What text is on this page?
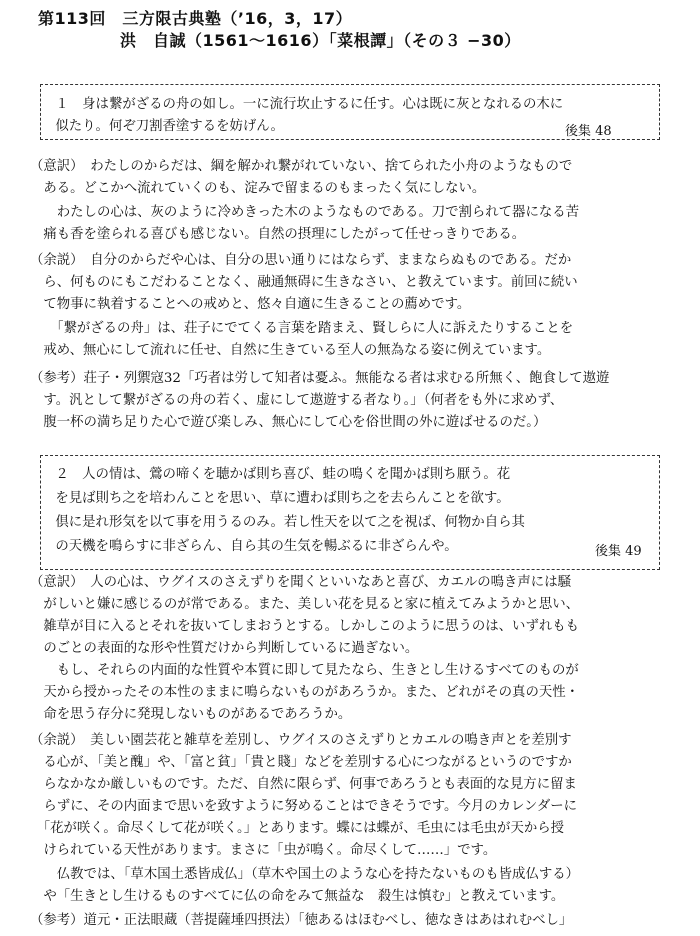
第113回　三方限古典塾（’16，3，17）
洪　自誠（1561〜1616）「菜根譚」（その３ −30）
　１　身は繋がざるの舟の如し。一に流行坎止するに任す。心は既に灰となれるの木に
　似たり。何ぞ刀割香塗するを妨げん。	後集 48
（意訳）　わたしのからだは、綱を解かれ繋がれていない、捨てられた小舟のようなもので
　ある。どこかへ流れていくのも、淀みで留まるのもまったく気にしない。
　　わたしの心は、灰のように冷めきった木のようなものである。刀で割られて器になる苦
　痛も香を塗られる喜びも感じない。自然の摂理にしたがって任せっきりである。
（余説）　自分のからだや心は、自分の思い通りにはならず、ままならぬものである。だか
　ら、何ものにもこだわることなく、融通無碍に生きなさい、と教えています。前回に続い
　て物事に執着することへの戒めと、悠々自適に生きることの薦めです。
　　「繋がざるの舟」は、荘子にでてくる言葉を踏まえ、賢しらに人に訴えたりすることを
　戒め、無心にして流れに任せ、自然に生きている至人の無為なる姿に例えています。
（参考）荘子・列禦寇32「巧者は労して知者は憂ふ。無能なる者は求むる所無く、飽食して遨遊
　す。汎として繋がざるの舟の若く、虚にして遨遊する者なり。」（何者をも外に求めず、
　腹一杯の満ち足りた心で遊び楽しみ、無心にして心を俗世間の外に遊ばせるのだ。）
　２　人の情は、鶯の啼くを聴かば則ち喜び、蛙の鳴くを聞かば則ち厭う。花
　を見ば則ち之を培わんことを思い、草に遭わば則ち之を去らんことを欲す。
　倶に是れ形気を以て事を用うるのみ。若し性天を以て之を視ば、何物か自ら其
　の天機を鳴らすに非ざらん、自ら其の生気を暢ぶるに非ざらんや。	後集 49
（意訳）　人の心は、ウグイスのさえずりを聞くといいなあと喜び、カエルの鳴き声には騒
　がしいと嫌に感じるのが常である。また、美しい花を見ると家に植えてみようかと思い、
　雑草が目に入るとそれを抜いてしまおうとする。しかしこのように思うのは、いずれもも
　のごとの表面的な形や性質だけから判断しているに過ぎない。
　　もし、それらの内面的な性質や本質に即して見たなら、生きとし生けるすべてのものが
　天から授かったその本性のままに鳴らないものがあろうか。また、どれがその真の天性・
　命を思う存分に発現しないものがあるであろうか。
（余説）　美しい園芸花と雑草を差別し、ウグイスのさえずりとカエルの鳴き声とを差別す
　る心が、「美と醜」や、「富と貧」「貴と賤」などを差別する心につながるというのですか
　らなかなか厳しいものです。ただ、自然に限らず、何事であろうとも表面的な見方に留ま
　らずに、その内面まで思いを致すように努めることはできそうです。今月のカレンダーに
　「花が咲く。命尽くして花が咲く。」とあります。蝶には蝶が、毛虫には毛虫が天から授
　けられている天性があります。まさに「虫が鳴く。命尽くして……」です。
　　仏教では、「草木国土悉皆成仏」（草木や国土のような心を持たないものも皆成仏する）
　や「生きとし生けるものすべてに仏の命をみて無益な　殺生は慎む」と教えています。
（参考）道元・正法眼蔵（菩提薩埵四摂法）「徳あるはほむべし、徳なきはあはれむべし」
